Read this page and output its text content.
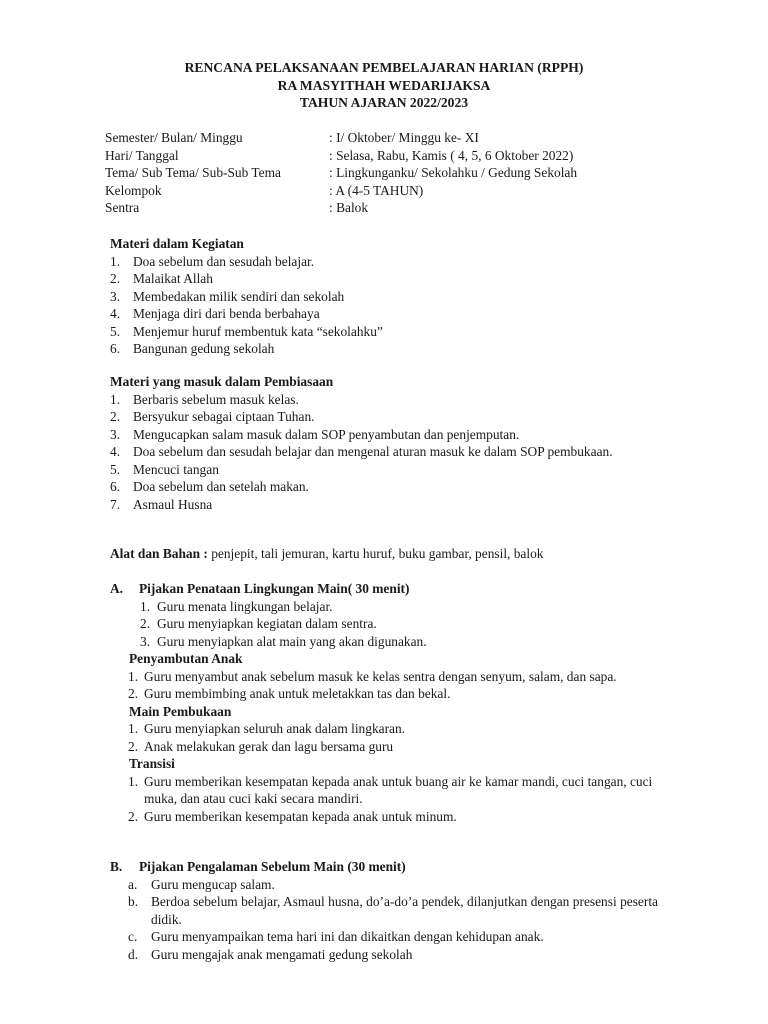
RENCANA PELAKSANAAN PEMBELAJARAN HARIAN (RPPH)
RA MASYITHAH WEDARIJAKSA
TAHUN AJARAN 2022/2023
Semester/ Bulan/ Minggu	: I/ Oktober/ Minggu ke- XI
Hari/ Tanggal	: Selasa, Rabu, Kamis ( 4, 5, 6 Oktober 2022)
Tema/ Sub Tema/ Sub-Sub Tema	: Lingkunganku/ Sekolahku / Gedung Sekolah
Kelompok	: A (4-5 TAHUN)
Sentra	: Balok
Materi dalam Kegiatan
1. Doa sebelum dan sesudah belajar.
2. Malaikat Allah
3. Membedakan milik sendiri dan sekolah
4. Menjaga diri dari benda berbahaya
5. Menjemur huruf membentuk kata “sekolahku”
6. Bangunan gedung sekolah
Materi yang masuk dalam Pembiasaan
1. Berbaris sebelum masuk kelas.
2. Bersyukur sebagai ciptaan Tuhan.
3. Mengucapkan salam masuk dalam SOP penyambutan dan penjemputan.
4. Doa sebelum dan sesudah belajar dan mengenal aturan masuk ke dalam SOP pembukaan.
5. Mencuci tangan
6. Doa sebelum dan setelah makan.
7. Asmaul Husna
Alat dan Bahan : penjepit, tali jemuran, kartu huruf, buku gambar, pensil, balok
A. Pijakan Penataan Lingkungan Main( 30 menit)
1. Guru menata lingkungan belajar.
2. Guru menyiapkan kegiatan dalam sentra.
3. Guru menyiapkan alat main yang akan digunakan.
Penyambutan Anak
1. Guru menyambut anak sebelum masuk ke kelas sentra dengan senyum, salam, dan sapa.
2. Guru membimbing anak untuk meletakkan tas dan bekal.
Main Pembukaan
1. Guru menyiapkan seluruh anak dalam lingkaran.
2. Anak melakukan gerak dan lagu bersama guru
Transisi
1. Guru memberikan kesempatan kepada anak untuk buang air ke kamar mandi, cuci tangan, cuci muka, dan atau cuci kaki secara mandiri.
2. Guru memberikan kesempatan kepada anak untuk minum.
B. Pijakan Pengalaman Sebelum Main (30 menit)
a. Guru mengucap salam.
b. Berdoa sebelum belajar, Asmaul husna, do’a-do’a pendek, dilanjutkan dengan presensi peserta didik.
c. Guru menyampaikan tema hari ini dan dikaitkan dengan kehidupan anak.
d. Guru mengajak anak mengamati gedung sekolah
